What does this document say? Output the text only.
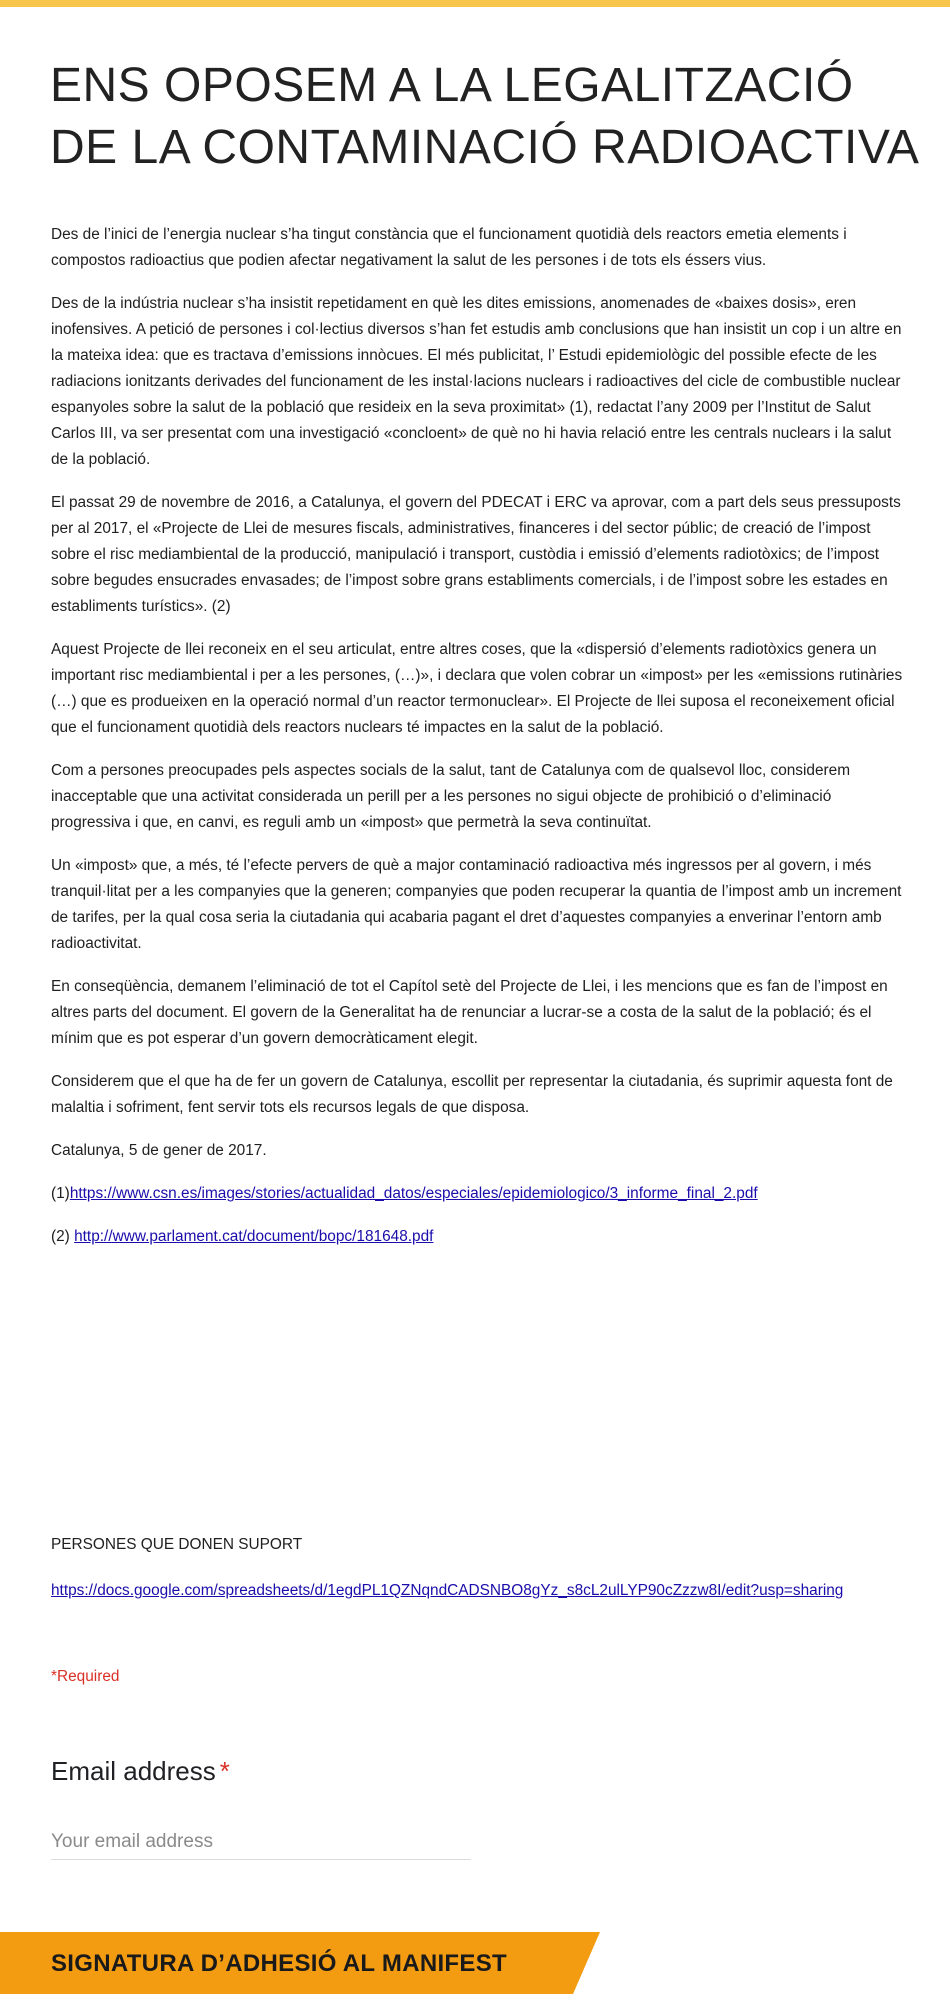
ENS OPOSEM A LA LEGALITZACIÓ DE LA CONTAMINACIÓ RADIOACTIVA

Des de l’inici de l’energia nuclear s’ha tingut constància que el funcionament quotidià dels reactors emetia elements i compostos radioactius que podien afectar negativament la salut de les persones i de tots els éssers vius.

Des de la indústria nuclear s’ha insistit repetidament en què les dites emissions, anomenades de «baixes dosis», eren inofensives. A petició de persones i col·lectius diversos s’han fet estudis amb conclusions que han insistit un cop i un altre en la mateixa idea: que es tractava d’emissions innòcues. El més publicitat, l’ Estudi epidemiològic del possible efecte de les radiacions ionitzants derivades del funcionament de les instal·lacions nuclears i radioactives del cicle de combustible nuclear espanyoles sobre la salut de la població que resideix en la seva proximitat» (1), redactat l’any 2009 per l’Institut de Salut Carlos III, va ser presentat com una investigació «concloent» de què no hi havia relació entre les centrals nuclears i la salut de la població.

El passat 29 de novembre de 2016, a Catalunya, el govern del PDECAT i ERC va aprovar, com a part dels seus pressuposts per al 2017, el «Projecte de Llei de mesures fiscals, administratives, financeres i del sector públic; de creació de l’impost sobre el risc mediambiental de la producció, manipulació i transport, custòdia i emissió d’elements radiotòxics; de l’impost sobre begudes ensucrades envasades; de l’impost sobre grans establiments comercials, i de l’impost sobre les estades en establiments turístics». (2)

Aquest Projecte de llei reconeix en el seu articulat, entre altres coses, que la «dispersió d’elements radiotòxics genera un important risc mediambiental i per a les persones, (…)», i declara que volen cobrar un «impost» per les «emissions rutinàries (…) que es produeixen en la operació normal d’un reactor termonuclear». El Projecte de llei suposa el reconeixement oficial que el funcionament quotidià dels reactors nuclears té impactes en la salut de la població.

Com a persones preocupades pels aspectes socials de la salut, tant de Catalunya com de qualsevol lloc, considerem inacceptable que una activitat considerada un perill per a les persones no sigui objecte de prohibició o d’eliminació progressiva i que, en canvi, es reguli amb un «impost» que permetrà la seva continuïtat.

Un «impost» que, a més, té l’efecte pervers de què a major contaminació radioactiva més ingressos per al govern, i més tranquil·litat per a les companyies que la generen; companyies que poden recuperar la quantia de l’impost amb un increment de tarifes, per la qual cosa seria la ciutadania qui acabaria pagant el dret d’aquestes companyies a enverinar l’entorn amb radioactivitat.

En conseqüència, demanem l’eliminació de tot el Capítol setè del Projecte de Llei, i les mencions que es fan de l’impost en altres parts del document. El govern de la Generalitat ha de renunciar a lucrar-se a costa de la salut de la població; és el mínim que es pot esperar d’un govern democràticament elegit.

Considerem que el que ha de fer un govern de Catalunya, escollit per representar la ciutadania, és suprimir aquesta font de malaltia i sofriment, fent servir tots els recursos legals de que disposa.

Catalunya, 5 de gener de 2017.

(1)https://www.csn.es/images/stories/actualidad_datos/especiales/epidemiologico/3_informe_final_2.pdf

(2) http://www.parlament.cat/document/bopc/181648.pdf

PERSONES QUE DONEN SUPORT
https://docs.google.com/spreadsheets/d/1egdPL1QZNqndCADSNBO8gYz_s8cL2ulLYP90cZzzw8I/edit?usp=sharing
*Required
Email address *
Your email address
SIGNATURA D’ADHESIÓ AL MANIFEST
